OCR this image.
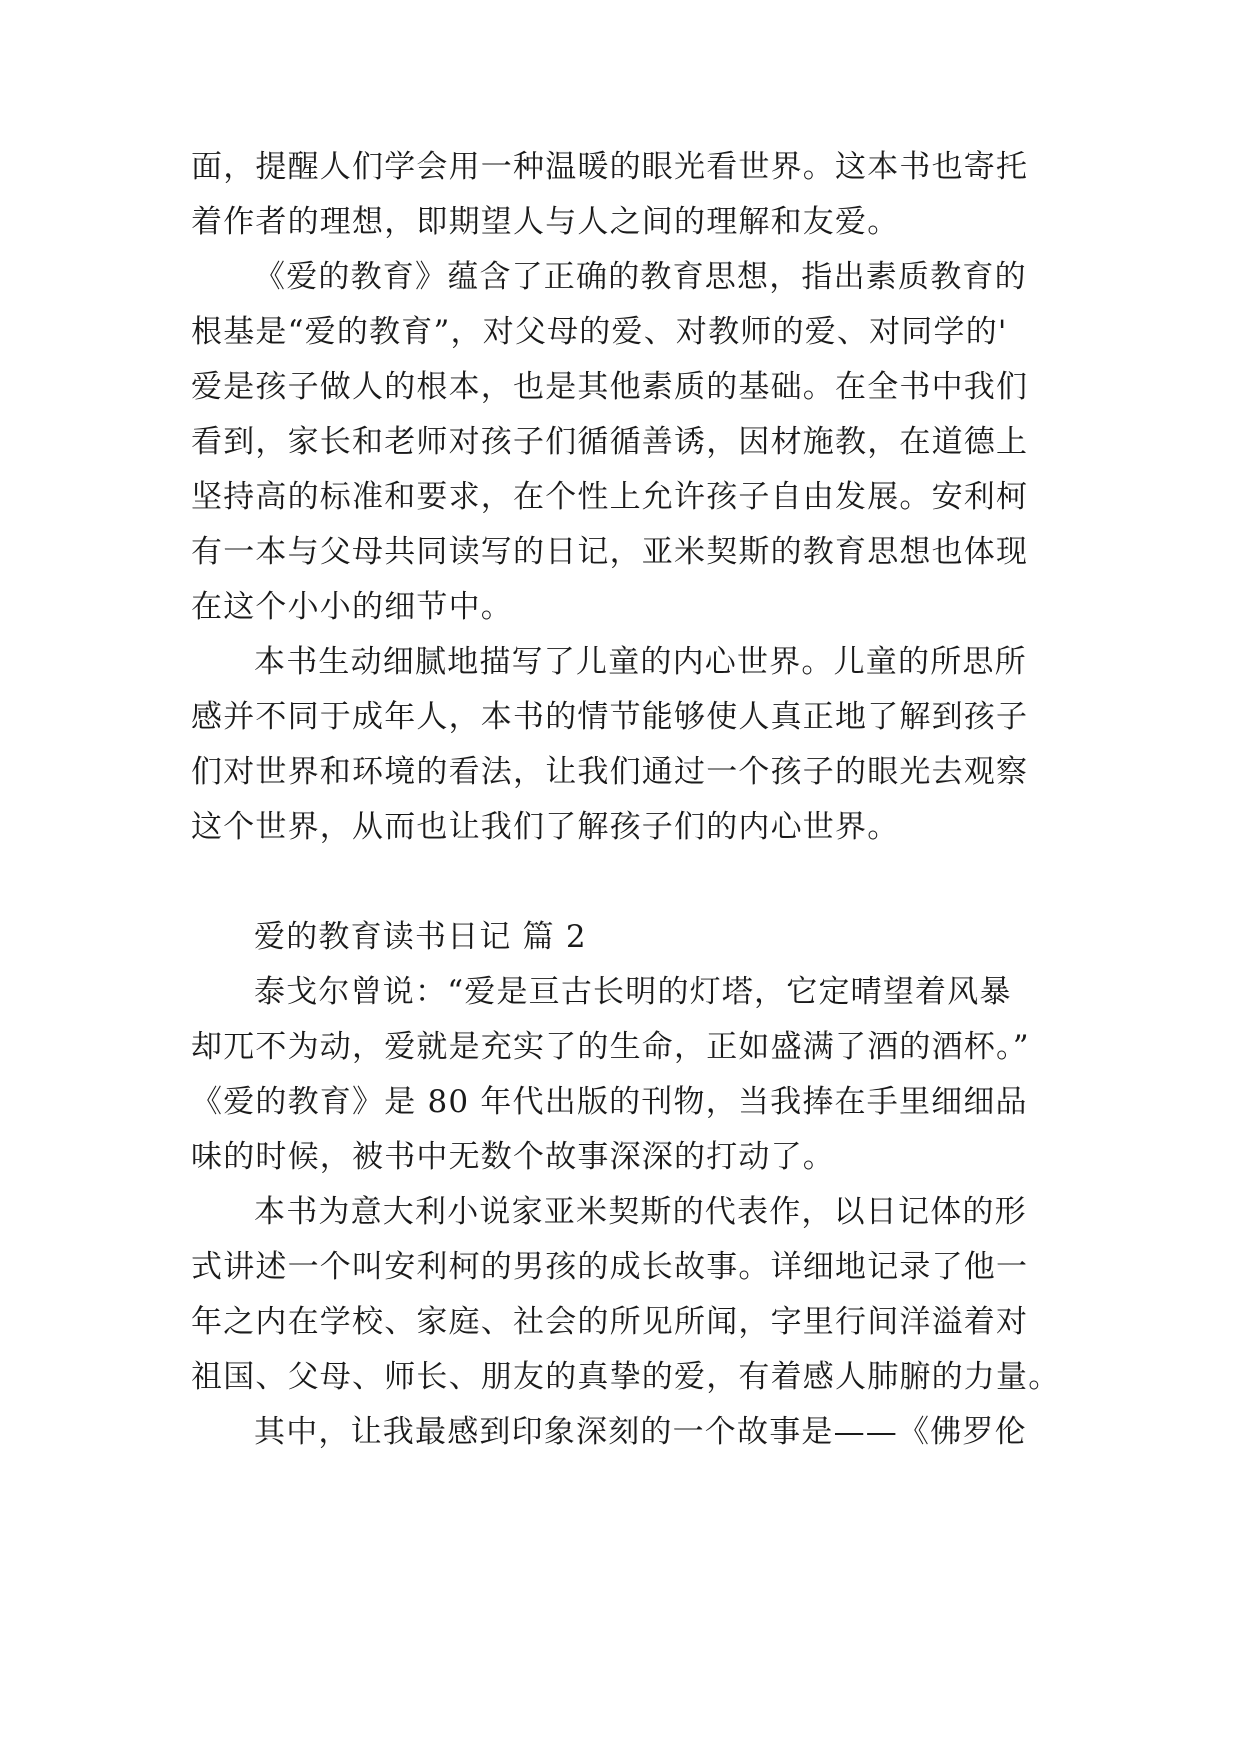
面，提醒人们学会用一种温暖的眼光看世界。这本书也寄托
着作者的理想，即期望人与人之间的理解和友爱。
《爱的教育》蕴含了正确的教育思想，指出素质教育的
根基是“爱的教育”，对父母的爱、对教师的爱、对同学的'
爱是孩子做人的根本，也是其他素质的基础。在全书中我们
看到，家长和老师对孩子们循循善诱，因材施教，在道德上
坚持高的标准和要求，在个性上允许孩子自由发展。安利柯
有一本与父母共同读写的日记，亚米契斯的教育思想也体现
在这个小小的细节中。
本书生动细腻地描写了儿童的内心世界。儿童的所思所
感并不同于成年人，本书的情节能够使人真正地了解到孩子
们对世界和环境的看法，让我们通过一个孩子的眼光去观察
这个世界，从而也让我们了解孩子们的内心世界。
爱的教育读书日记 篇 2
泰戈尔曾说：“爱是亘古长明的灯塔，它定晴望着风暴
却兀不为动，爱就是充实了的生命，正如盛满了酒的酒杯。”
《爱的教育》是 80 年代出版的刊物，当我捧在手里细细品
味的时候，被书中无数个故事深深的打动了。
本书为意大利小说家亚米契斯的代表作，以日记体的形
式讲述一个叫安利柯的男孩的成长故事。详细地记录了他一
年之内在学校、家庭、社会的所见所闻，字里行间洋溢着对
祖国、父母、师长、朋友的真挚的爱，有着感人肺腑的力量。
其中，让我最感到印象深刻的一个故事是——《佛罗伦
